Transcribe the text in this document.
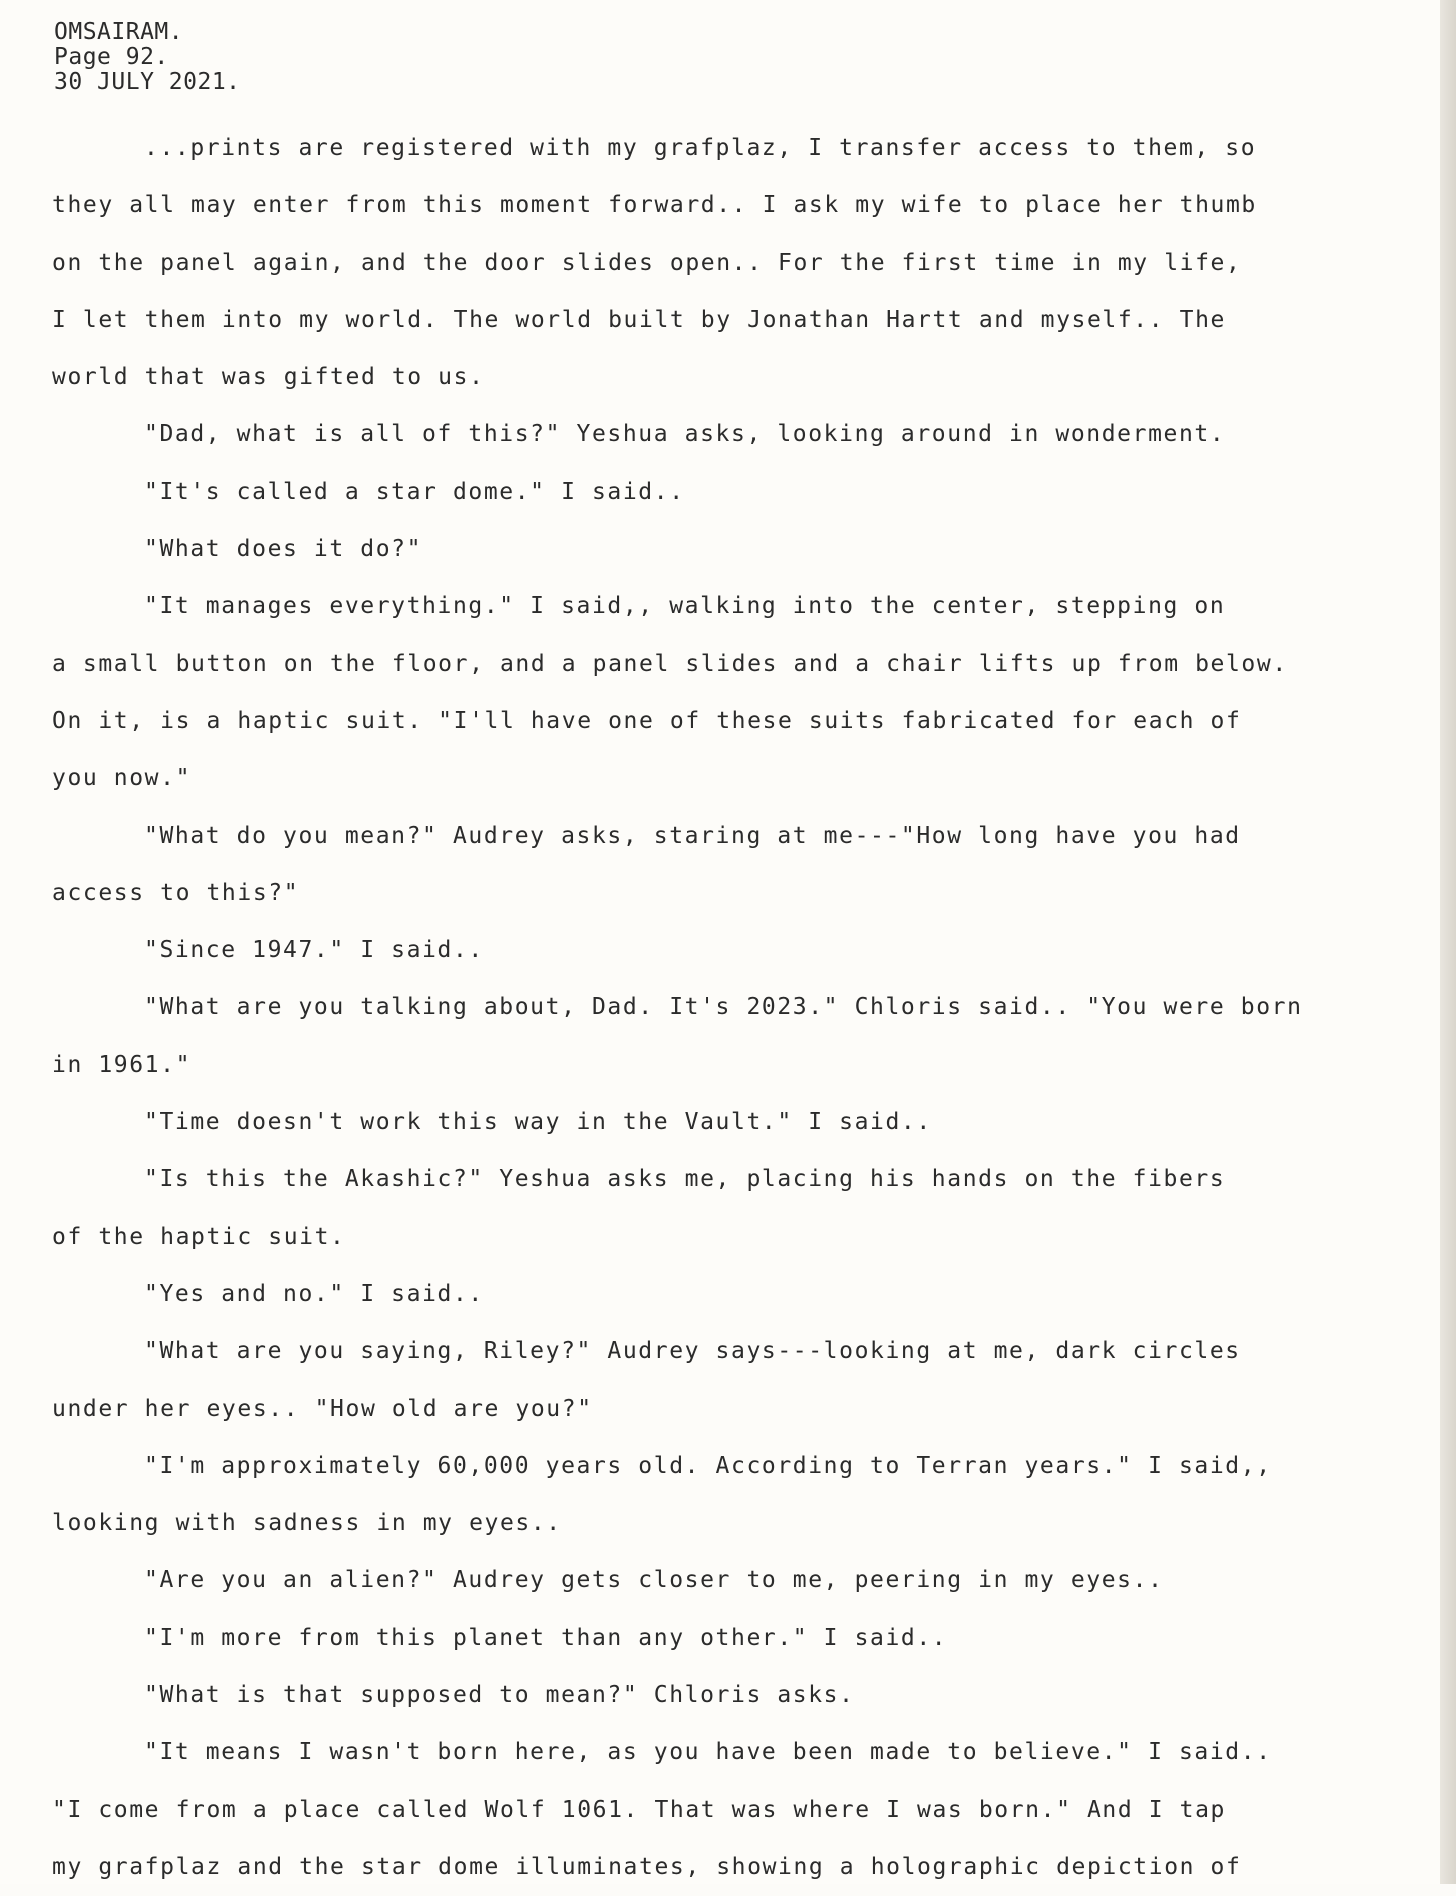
OMSAIRAM.
Page 92.
30 JULY 2021.
...prints are registered with my grafplaz, I transfer access to them, so
they all may enter from this moment forward.. I ask my wife to place her thumb
on the panel again, and the door slides open.. For the first time in my life,
I let them into my world. The world built by Jonathan Hartt and myself.. The
world that was gifted to us.
"Dad, what is all of this?" Yeshua asks, looking around in wonderment.
"It's called a star dome." I said..
"What does it do?"
"It manages everything." I said,, walking into the center, stepping on
a small button on the floor, and a panel slides and a chair lifts up from below.
On it, is a haptic suit. "I'll have one of these suits fabricated for each of
you now."
"What do you mean?" Audrey asks, staring at me---"How long have you had
access to this?"
"Since 1947." I said..
"What are you talking about, Dad. It's 2023." Chloris said.. "You were born
in 1961."
"Time doesn't work this way in the Vault." I said..
"Is this the Akashic?" Yeshua asks me, placing his hands on the fibers
of the haptic suit.
"Yes and no." I said..
"What are you saying, Riley?" Audrey says---looking at me, dark circles
under her eyes.. "How old are you?"
"I'm approximately 60,000 years old. According to Terran years." I said,,
looking with sadness in my eyes..
"Are you an alien?" Audrey gets closer to me, peering in my eyes..
"I'm more from this planet than any other." I said..
"What is that supposed to mean?" Chloris asks.
"It means I wasn't born here, as you have been made to believe." I said..
"I come from a place called Wolf 1061. That was where I was born." And I tap
my grafplaz and the star dome illuminates, showing a holographic depiction of
